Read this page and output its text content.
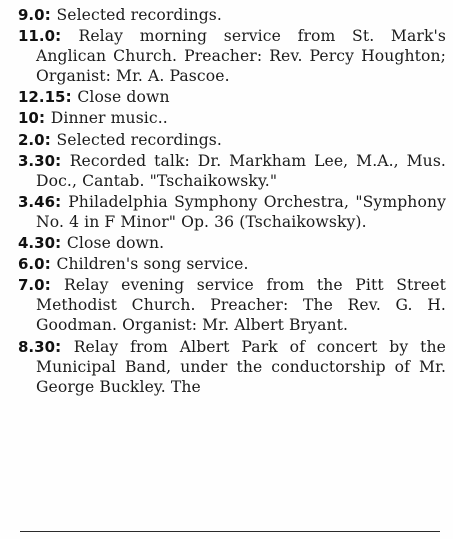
9.0: Selected recordings.

11.0: Relay morning service from St. Mark's Anglican Church. Preacher: Rev. Percy Houghton; Organist: Mr. A. Pascoe.

12.15: Close down

10: Dinner music..

2.0: Selected recordings.

3.30: Recorded talk: Dr. Markham Lee, M.A., Mus. Doc., Cantab. "Tschaikowsky."

3.46: Philadelphia Symphony Orchestra, "Symphony No. 4 in F Minor" Op. 36 (Tschaikowsky).

4.30: Close down.

6.0: Children's song service.

7.0: Relay evening service from the Pitt Street Methodist Church. Preacher: The Rev. G. H. Goodman. Organist: Mr. Albert Bryant.

8.30: Relay from Albert Park of concert by the Municipal Band, under the conductorship of Mr. George Buckley. The
